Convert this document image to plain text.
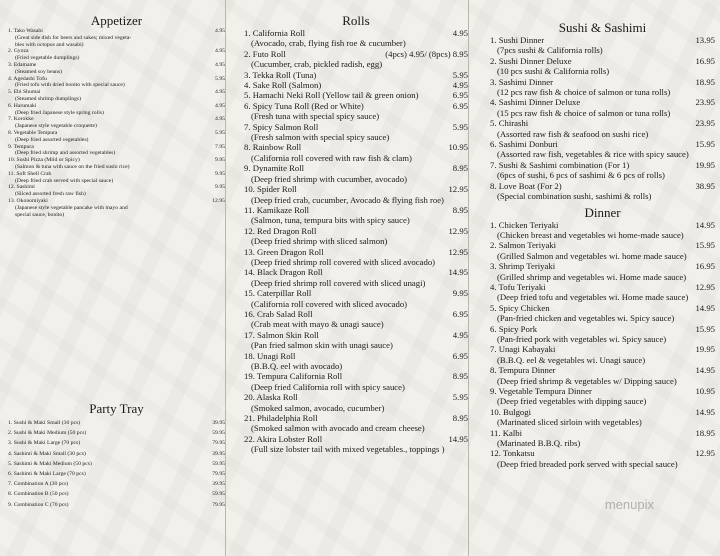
Appetizer
1. Tako Wasabi	4.95
(Great side dish for beers and sakes; mixed vegeta-
bles with octopus and wasabi)
2. Gyoza	4.95
(Fried vegetable dumplings)
3. Edamame	4.95
(Steamed soy beans)
4. Agedashi Tofu	5.95
(Fried tofu with dried bonito with special sauce)
5. Ebi Shumai	4.95
(Steamed shrimp dumplings)
6. Harumaki	4.95
(Deep fried Japanese style spring rolls)
7. Korokke	4.95
(Japanese style vegetable croquette)
8. Vegetable Tempura	5.95
(Deep fried assorted vegetables)
9. Tempura	7.95
(Deep fried shrimp and assorted vegetables)
10. Sushi Pizza (Mild or Spicy)	9.95
(Salmon & tuna with sauce on the fried sushi rice)
11. Soft Shell Crab	9.95
(Deep fried crab served with special sauce)
12. Sashimi	9.95
(Sliced assorted fresh raw fish)
13. Okonomiyaki	12.95
(Japanese style vegetable pancake with mayo and
special sauce, bonito)
Party Tray
1. Sushi & Maki Small (30 pcs)	39.95
2. Sushi & Maki Medium (50 pcs)	59.95
3. Sushi & Maki Large (70 pcs)	79.95
4. Sashimi & Maki Small (30 pcs)	39.95
5. Sashimi & Maki Medium (50 pcs)	59.95
6. Sashimi & Maki Large (70 pcs)	79.95
7. Combination A (30 pcs)	39.95
8. Combination B (50 pcs)	59.95
9. Combination C (70 pcs)	79.95
Rolls
1. California Roll	4.95
(Avocado, crab, flying fish roe & cucumber)
2. Futo Roll	(4pcs) 4.95/ (8pcs) 8.95
(Cucumber, crab, pickled radish, egg)
3. Tekka Roll (Tuna)	5.95
4. Sake Roll (Salmon)	4.95
5. Hamachi Neki Roll (Yellow tail & green onion)	6.95
6. Spicy Tuna Roll (Red or White)	6.95
(Fresh tuna with special spicy sauce)
7. Spicy Salmon Roll	5.95
(Fresh salmon with special spicy sauce)
8. Rainbow Roll	10.95
(California roll covered with raw fish & clam)
9. Dynamite Roll	8.95
(Deep fried shrimp with cucumber, avocado)
10. Spider Roll	12.95
(Deep fried crab, cucumber, Avocado & flying fish roe)
11. Kamikaze Roll	8.95
(Salmon, tuna, tempura bits with spicy sauce)
12. Red Dragon Roll	12.95
(Deep fried shrimp with sliced salmon)
13. Green Dragon Roll	12.95
(Deep fried shrimp roll covered with sliced avocado)
14. Black Dragon Roll	14.95
(Deep fried shrimp roll covered with sliced unagi)
15. Caterpillar Roll	9.95
(California roll covered with sliced avocado)
16. Crab Salad Roll	6.95
(Crab meat with mayo & unagi sauce)
17. Salmon Skin Roll	4.95
(Pan fried salmon skin with unagi sauce)
18. Unagi Roll	6.95
(B.B.Q. eel with avocado)
19. Tempura California Roll	8.95
(Deep fried California roll with spicy sauce)
20. Alaska Roll	5.95
(Smoked salmon, avocado, cucumber)
21. Philadelphia Roll	8.95
(Smoked salmon with avocado and cream cheese)
22. Akira Lobster Roll	14.95
(Full size lobster tail with mixed vegetables., toppings )
Sushi & Sashimi
1. Sushi Dinner	13.95
(7pcs sushi & California rolls)
2. Sushi Dinner Deluxe	16.95
(10 pcs sushi & California rolls)
3. Sashimi Dinner	18.95
(12 pcs raw fish & choice of salmon or tuna rolls)
4. Sashimi Dinner Deluxe	23.95
(15 pcs raw fish & choice of salmon or tuna rolls)
5. Chirashi	23.95
(Assorted raw fish & seafood on sushi rice)
6. Sashimi Donburi	15.95
(Assorted raw fish, vegetables & rice with spicy sauce)
7. Sushi & Sashimi combination (For 1)	19.95
(6pcs of sushi, 6 pcs of sashimi & 6 pcs of rolls)
8. Love Boat (For 2)	38.95
(Special combination sushi, sashimi & rolls)
Dinner
1. Chicken Teriyaki	14.95
(Chicken breast and vegetables wi home-made sauce)
2. Salmon Teriyaki	15.95
(Grilled Salmon and vegetables wi. home made sauce)
3. Shrimp Teriyaki	16.95
(Grilled shrimp and vegetables wi. Home made sauce)
4. Tofu Teriyaki	12.95
(Deep fried tofu and vegetables wi. Home made sauce)
5. Spicy Chicken	14.95
(Pan-fried chicken and vegetables wi. Spicy sauce)
6. Spicy Pork	15.95
(Pan-fried pork with vegetables wi. Spicy sauce)
7. Unagi Kabayaki	19.95
(B.B.Q. eel & vegetables wi. Unagi sauce)
8. Tempura Dinner	14.95
(Deep fried shrimp & vegetables w/ Dipping sauce)
9. Vegetable Tempura Dinner	10.95
(Deep fried vegetables with dipping sauce)
10. Bulgogi	14.95
(Marinated sliced sirloin with vegetables)
11. Kalbi	18.95
(Marinated B.B.Q. ribs)
12. Tonkatsu	12.95
(Deep fried breaded pork served with special sauce)
menupix
